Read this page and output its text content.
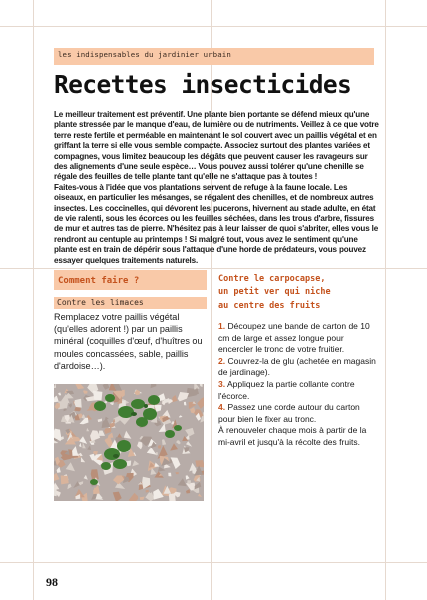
les indispensables du jardinier urbain
Recettes insecticides

Le meilleur traitement est préventif. Une plante bien portante se défend mieux qu'une plante stressée par le manque d'eau, de lumière ou de nutriments. Veillez à ce que votre terre reste fertile et perméable en maintenant le sol couvert avec un paillis végétal et en griffant la terre si elle vous semble compacte. Associez surtout des plantes variées et compagnes, vous limitez beaucoup les dégâts que peuvent causer les ravageurs sur des alignements d'une seule espèce… Vous pouvez aussi tolérer qu'une chenille se régale des feuilles de telle plante tant qu'elle ne s'attaque pas à toutes !

Faites-vous à l'idée que vos plantations servent de refuge à la faune locale. Les oiseaux, en particulier les mésanges, se régalent des chenilles, et de nombreux autres insectes. Les coccinelles, qui dévorent les pucerons, hivernent au stade adulte, en état de vie ralenti, sous les écorces ou les feuilles séchées, dans les trous d'arbre, fissures de mur et autres tas de pierre. N'hésitez pas à leur laisser de quoi s'abriter, elles vous le rendront au centuple au printemps ! Si malgré tout, vous avez le sentiment qu'une plante est en train de dépérir sous l'attaque d'une horde de prédateurs, vous pouvez essayer quelques traitements naturels.

Comment faire ?
Contre les limaces

Remplacez votre paillis végétal (qu'elles adorent !) par un paillis minéral (coquilles d'œuf, d'huîtres ou moules concassées, sable, paillis d'ardoise…).

Contre le carpocapse,
un petit ver qui niche
au centre des fruits

1. Découpez une bande de carton de 10 cm de large et assez longue pour encercler le tronc de votre fruitier.
2. Couvrez-la de glu (achetée en magasin de jardinage).
3. Appliquez la partie collante contre l'écorce.
4. Passez une corde autour du carton pour bien le fixer au tronc.
À renouveler chaque mois à partir de la mi-avril et jusqu'à la récolte des fruits.
98
